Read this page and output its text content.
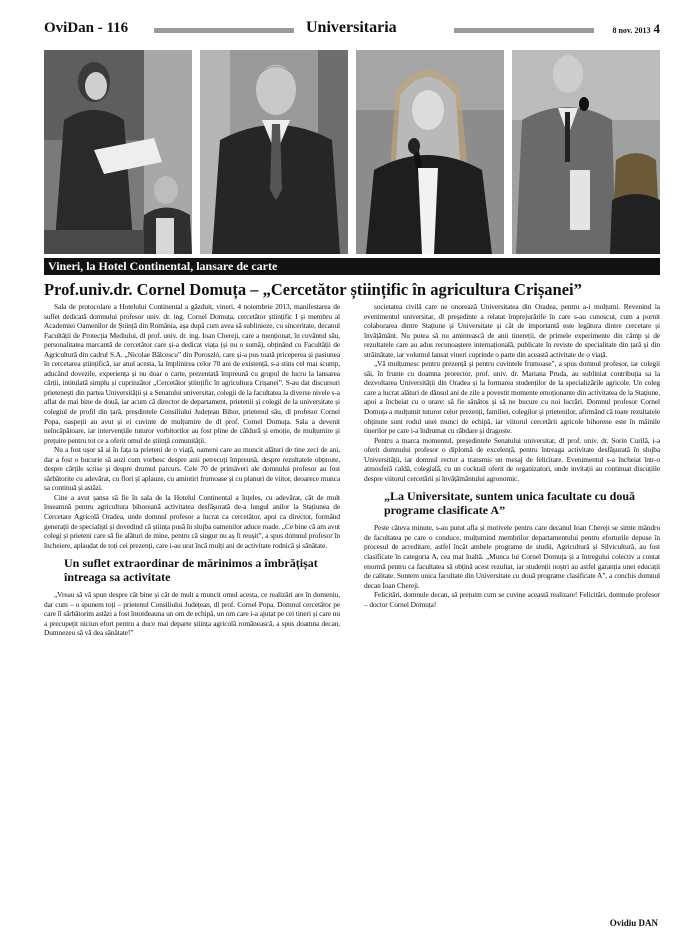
OviDan - 116	Universitaria	8 nov. 2013 4
Vineri, la Hotel Continental, lansare de carte
Prof.univ.dr. Cornel Domuța – „Cercetător științific în agricultura Crișanei”

Sala de protocolare a Hotelului Continental a găzduit, vineri, 4 noiembrie 2013, manifestarea de suflet dedicată domnului profesor univ. dr. ing. Cornel Domuța, cercetător științific I și membru al Academiei Oamenilor de Știință din România, așa după cum avea să sublinieze, cu sinceritate, decanul Facultății de Protecția Mediului, dl prof. univ. dr. ing. Ioan Chereji, care a menționat, în cuvântul său, personalitatea marcantă de cercetător care și-a dedicat viața (și nu o sumă), obținând cu Facultății de Agricultură din cadrul S.A. „Nicolae Bălcescu” din Poroszló, care și-a pus toată priceperea și pasiunea în cercetarea științifică, iar anul acesta, la împlinirea celor 70 ani de existență, s-a stins cel mai scump, aducând dovezile, experiența și nu doar o carte, prezentată împreună cu grupul de lucru la lansarea cărții, intitulată simplu și cuprinzător „Cercetător științific în agricultura Crișanei”. S-au dat discursuri prietenești din partea Universității și a Senatului universitar, colegii de la facultatea la diverse nivele s-a aflat de mai bine de două, iar acum că director de departament, prietenii și colegii de la universitate și colegiul de profil din țară, preșdintele Consiliului Județean Bihor, prietenul său, dl profesor Cornel Popa, oaspeții au avut și ei cuvinte de mulțumire de dl prof. Cornel Domuța. Sala a devenit neîncăpătoare, iar intervențiile tuturor vorbitorilor au fost pline de căldură și emoție, de mulțumire și prețuire pentru tot ce a oferit omul de știință comunității.

Nu a fost ușor să ai în fața ta prieteni de o viață, oameni care au muncit alături de tine zeci de ani, dar a fost o bucurie să auzi cum vorbesc despre anii petrecuți împreună, despre rezultatele obținute, despre cărțile scrise și despre drumul parcurs. Cele 70 de primăveri ale domnului profesor au fost sărbătorite cu adevărat, cu flori și aplauze, cu amintiri frumoase și cu planuri de viitor, deoarece munca sa continuă și astăzi.

Cine a avut șansa să fie în sala de la Hotelul Continental a înțeles, cu adevărat, cât de mult înseamnă pentru agricultura bihoreană activitatea desfășurată de-a lungul anilor la Stațiunea de Cercetare Agricolă Oradea, unde domnul profesor a lucrat ca cercetător, apoi ca director, formând generații de specialiști și dovedind că știința pusă în slujba oamenilor aduce roade. „Ce bine că am avut colegi și prieteni care să fie alături de mine, pentru că singur nu aș fi reușit”, a spus domnul profesor în încheiere, aplaudat de toți cei prezenți, care i-au urat încă mulți ani de activitate rodnică și sănătate.

Un suflet extraordinar de mărinimos a îmbrățișat întreaga sa activitate

„Vreau să vă spun despre cât bine și cât de mult a muncit omul acesta, ce realizări are în domeniu, dar cum – o spunem toți – prietenul Consiliului Județean, dl prof. Cornel Popa. Domnul cercetător pe care îl sărbătorim astăzi a fost întotdeauna un om de echipă, un om care i-a ajutat pe cei tineri și care nu a precupețit niciun efort pentru a duce mai departe știința agricolă românească, a spus doamna decan, Dumnezeu să vă dea sănătate!”

societatea civilă care ne onorează Universitatea din Oradea, pentru a-i mulțumi. Revenind la evenimentul universitar, dl președinte a relatat împrejurările în care s-au cunoscut, cum a pornit colaborarea dintre Stațiune și Universitate și cât de importantă este legătura dintre cercetare și învățământ. Nu putea să nu amintească de anii tinereții, de primele experimente din câmp și de rezultatele care au adus recunoaștere internațională, publicate în reviste de specialitate din țară și din străinătate, iar volumul lansat vineri cuprinde o parte din această activitate de o viață.

„Vă mulțumesc pentru prezență și pentru cuvintele frumoase”, a spus domnul profesor, iar colegii săi, în frunte cu doamna prorector, prof. univ. dr. Mariana Pruda, au subliniat contribuția sa la dezvoltarea Universității din Oradea și la formarea studenților de la specializările agricole. Un coleg care a lucrat alături de dânsul ani de zile a povestit momente emoționante din activitatea de la Stațiune, apoi a încheiat cu o urare: să fie sănătos și să ne bucure cu noi lucrări. Domnul profesor Cornel Domuța a mulțumit tuturor celor prezenți, familiei, colegilor și prietenilor, afirmând că toate rezultatele obținute sunt rodul unei munci de echipă, iar viitorul cercetării agricole bihorene este în mâinile tinerilor pe care i-a îndrumat cu răbdare și dragoste.

Pentru a marca momentul, președintele Senatului universitar, dl prof. univ. dr. Sorin Curilă, i-a oferit domnului profesor o diplomă de excelență, pentru întreaga activitate desfășurată în slujba Universității, iar domnul rector a transmis un mesaj de felicitare. Evenimentul s-a încheiat într-o atmosferă caldă, colegială, cu un cocktail oferit de organizatori, unde invitații au continuat discuțiile despre viitorul cercetării și învățământului agronomic.

„La Universitate, suntem unica facultate cu două programe clasificate A”

Peste câteva minute, s-au putut afla și motivele pentru care decanul Ioan Chereji se simte mândru de facultatea pe care o conduce, mulțumind membrilor departamentului pentru eforturile depuse în procesul de acreditare, astfel încât ambele programe de studii, Agricultură și Silvicultură, au fost clasificate în categoria A, cea mai înaltă. „Munca lui Cornel Domuța și a întregului colectiv a contat enormă pentru ca facultatea să obțină acest rezultat, iar studenții noștri au astfel garanția unei educații de calitate. Suntem unica facultate din Universitate cu două programe clasificate A”, a conchis domnul decan Ioan Chereji.

Felicitări, domnule decan, să prețuim cum se cuvine această realizare! Felicitări, domnule profesor – doctor Cornel Domuța!

Ovidiu DAN
